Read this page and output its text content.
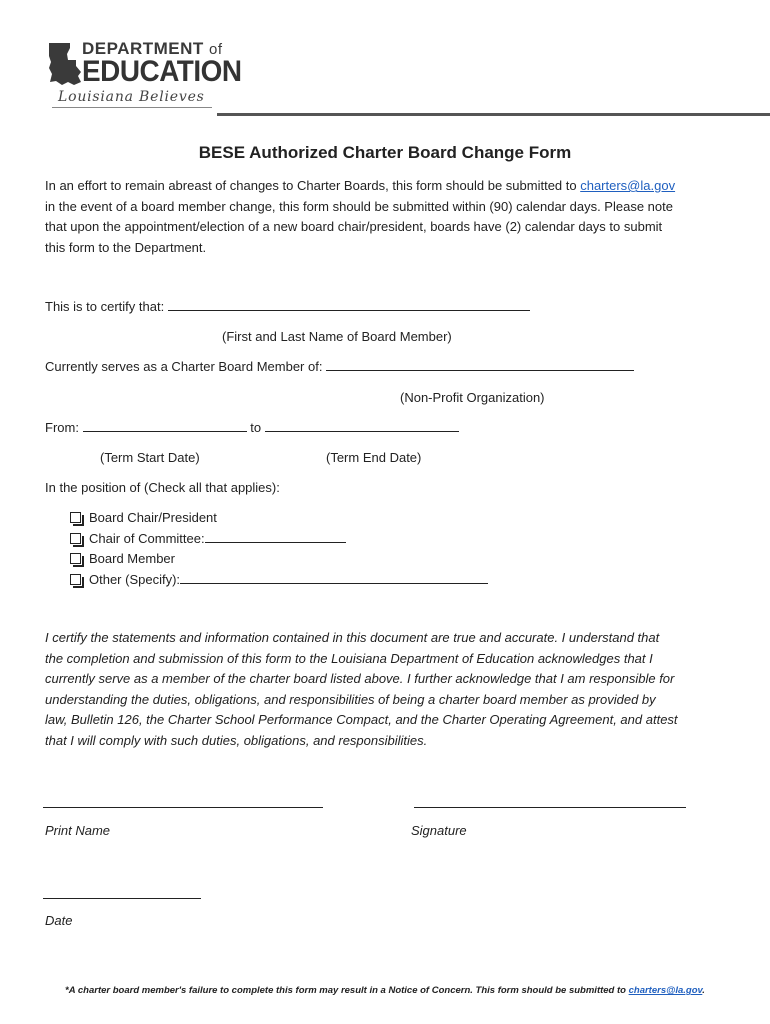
DEPARTMENT of
EDUCATION
Louisiana Believes
BESE Authorized Charter Board Change Form

In an effort to remain abreast of changes to Charter Boards, this form should be submitted to charters@la.gov

in the event of a board member change, this form should be submitted within (90) calendar days. Please note

that upon the appointment/election of a new board chair/president, boards have (2) calendar days to submit

this form to the Department.

This is to certify that:
(First and Last Name of Board Member)
Currently serves as a Charter Board Member of:
(Non-Profit Organization)
From:	to
(Term Start Date)	(Term End Date)
In the position of (Check all that applies):
Board Chair/President
Chair of Committee:
Board Member
Other (Specify):

I certify the statements and information contained in this document are true and accurate. I understand that

the completion and submission of this form to the Louisiana Department of Education acknowledges that I

currently serve as a member of the charter board listed above. I further acknowledge that I am responsible for

understanding the duties, obligations, and responsibilities of being a charter board member as provided by

law, Bulletin 126, the Charter School Performance Compact, and the Charter Operating Agreement, and attest

that I will comply with such duties, obligations, and responsibilities.

Print Name	Signature
Date
*A charter board member's failure to complete this form may result in a Notice of Concern. This form should be submitted to charters@la.gov.
